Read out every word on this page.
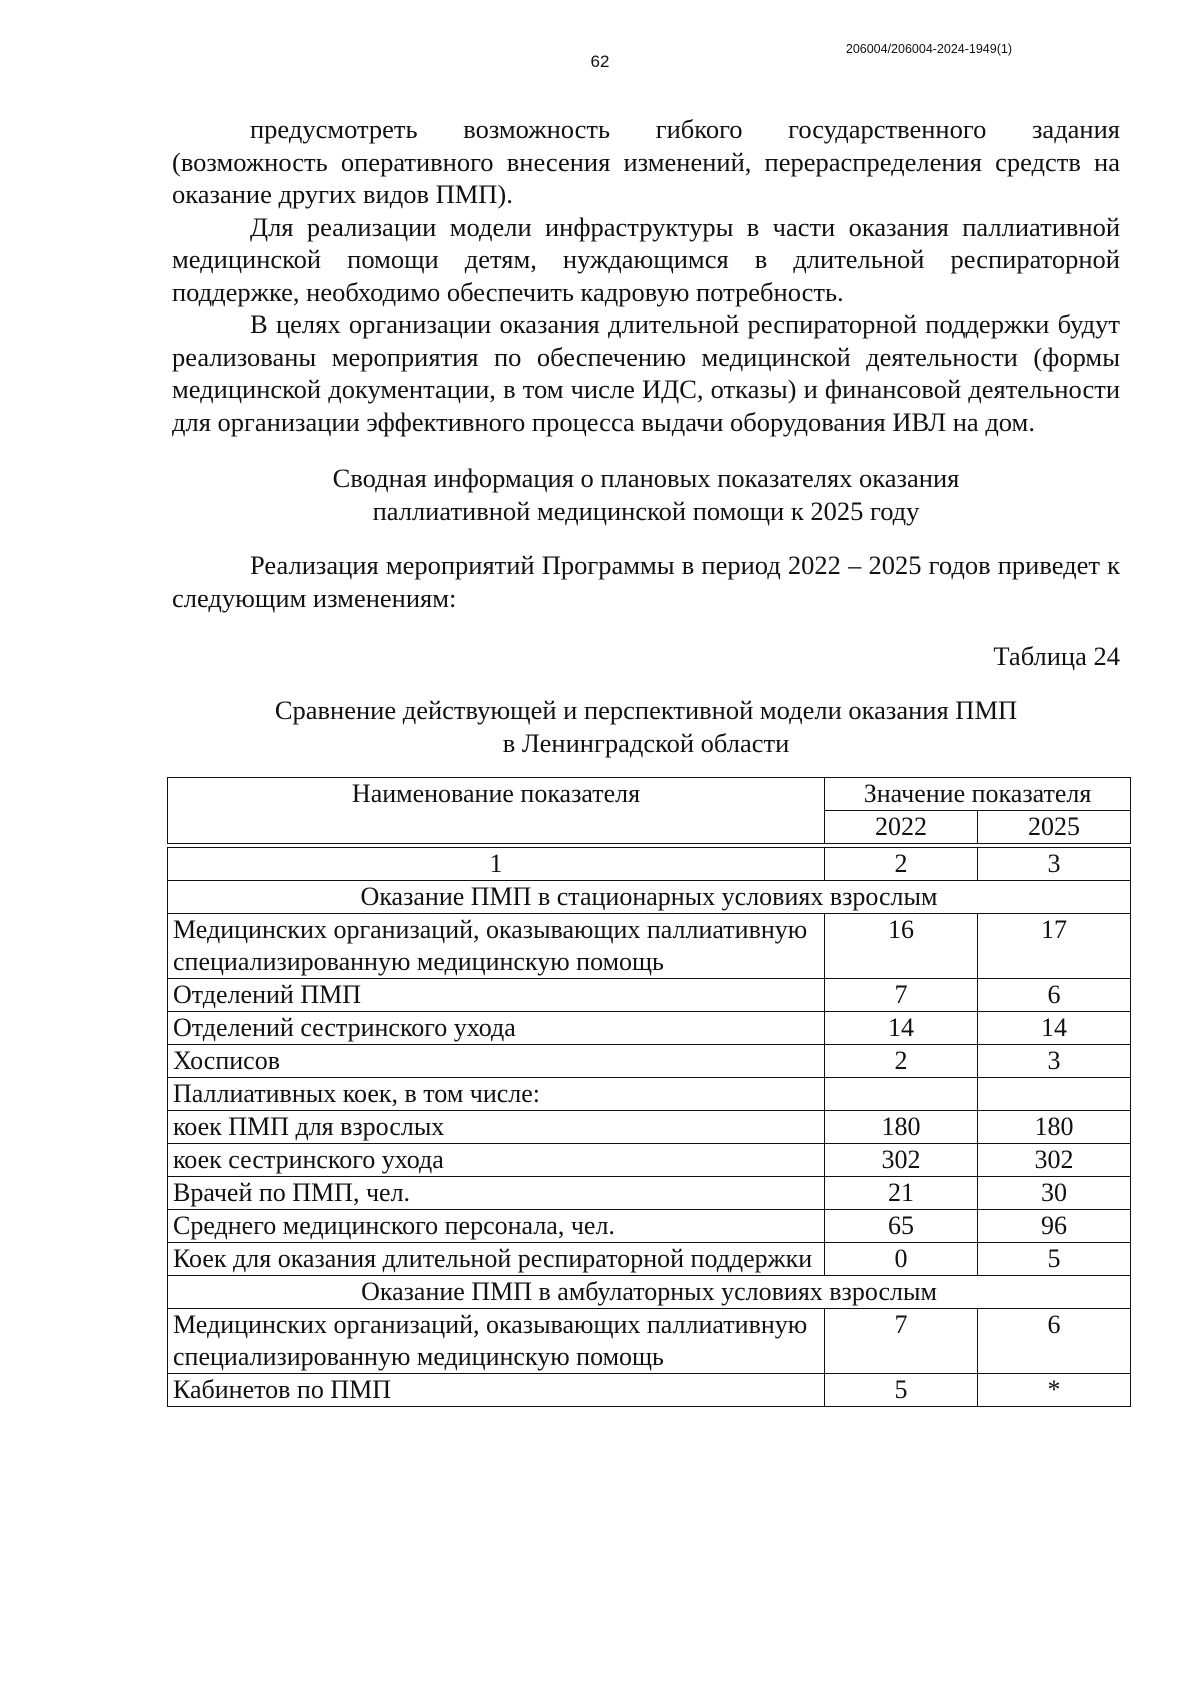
62
206004/206004-2024-1949(1)

предусмотреть возможность гибкого государственного задания (возможность оперативного внесения изменений, перераспределения средств на оказание других видов ПМП).

Для реализации модели инфраструктуры в части оказания паллиативной медицинской помощи детям, нуждающимся в длительной респираторной поддержке, необходимо обеспечить кадровую потребность.

В целях организации оказания длительной респираторной поддержки будут реализованы мероприятия по обеспечению медицинской деятельности (формы медицинской документации, в том числе ИДС, отказы) и финансовой деятельности для организации эффективного процесса выдачи оборудования ИВЛ на дом.

Сводная информация о плановых показателях оказания
паллиативной медицинской помощи к 2025 году

Реализация мероприятий Программы в период 2022 – 2025 годов приведет к следующим изменениям:

Таблица 24
Сравнение действующей и перспективной модели оказания ПМП
в Ленинградской области
Наименование показателя	Значение показателя	
	2022	2025

1	2	3
Оказание ПМП в стационарных условиях взрослым		
Медицинских организаций, оказывающих паллиативную специализированную медицинскую помощь	16	17
Отделений ПМП	7	6
Отделений сестринского ухода	14	14
Хосписов	2	3
Паллиативных коек, в том числе:		
коек ПМП для взрослых	180	180
коек сестринского ухода	302	302
Врачей по ПМП, чел.	21	30
Среднего медицинского персонала, чел.	65	96
Коек для оказания длительной респираторной поддержки	0	5
Оказание ПМП в амбулаторных условиях взрослым		
Медицинских организаций, оказывающих паллиативную специализированную медицинскую помощь	7	6
Кабинетов по ПМП	5	*
